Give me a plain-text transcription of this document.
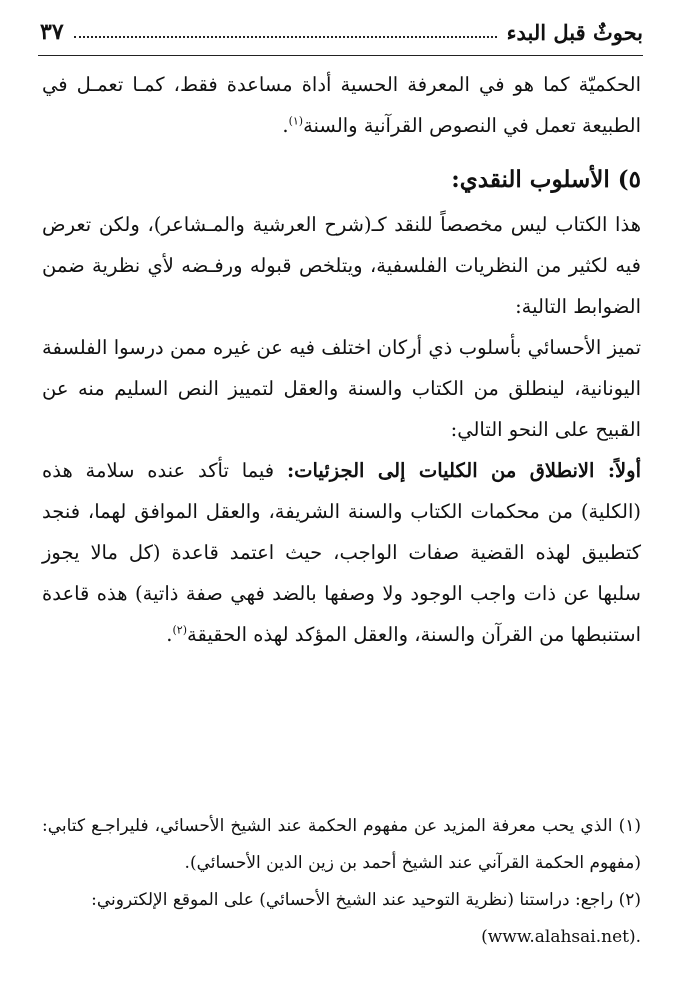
بحوثٌ قبل البدء
٣٧

الحكميّة كما هو في المعرفة الحسية أداة مساعدة فقط، كمـا تعمـل في الطبيعة تعمل في النصوص القرآنية والسنة$^{(١)}$.

٥) الأسلوب النقدي:

هذا الكتاب ليس مخصصاً للنقد كـ(شرح العرشية والمـشاعر)، ولكن تعرض فيه لكثير من النظريات الفلسفية، ويتلخص قبوله ورفـضه لأي نظرية ضمن الضوابط التالية:

تميز الأحسائي بأسلوب ذي أركان اختلف فيه عن غيره ممن درسوا الفلسفة اليونانية، لينطلق من الكتاب والسنة والعقل لتمييز النص السليم منه عن القبيح على النحو التالي:

أولاً: الانطلاق من الكليات إلى الجزئيات: فيما تأكد عنده سلامة هذه (الكلية) من محكمات الكتاب والسنة الشريفة، والعقل الموافق لهما، فنجد كتطبيق لهذه القضية صفات الواجب، حيث اعتمد قاعدة (كل مالا يجوز سلبها عن ذات واجب الوجود ولا وصفها بالضد فهي صفة ذاتية) هذه قاعدة استنبطها من القرآن والسنة، والعقل المؤكد لهذه الحقيقة$^{(٢)}$.

(١) الذي يحب معرفة المزيد عن مفهوم الحكمة عند الشيخ الأحسائي، فليراجـع كتابي: (مفهوم الحكمة القرآني عند الشيخ أحمد بن زين الدين الأحسائي).

(٢) راجع: دراستنا (نظرية التوحيد عند الشيخ الأحسائي) على الموقع الإلكتروني:

(www.alahsai.net).
